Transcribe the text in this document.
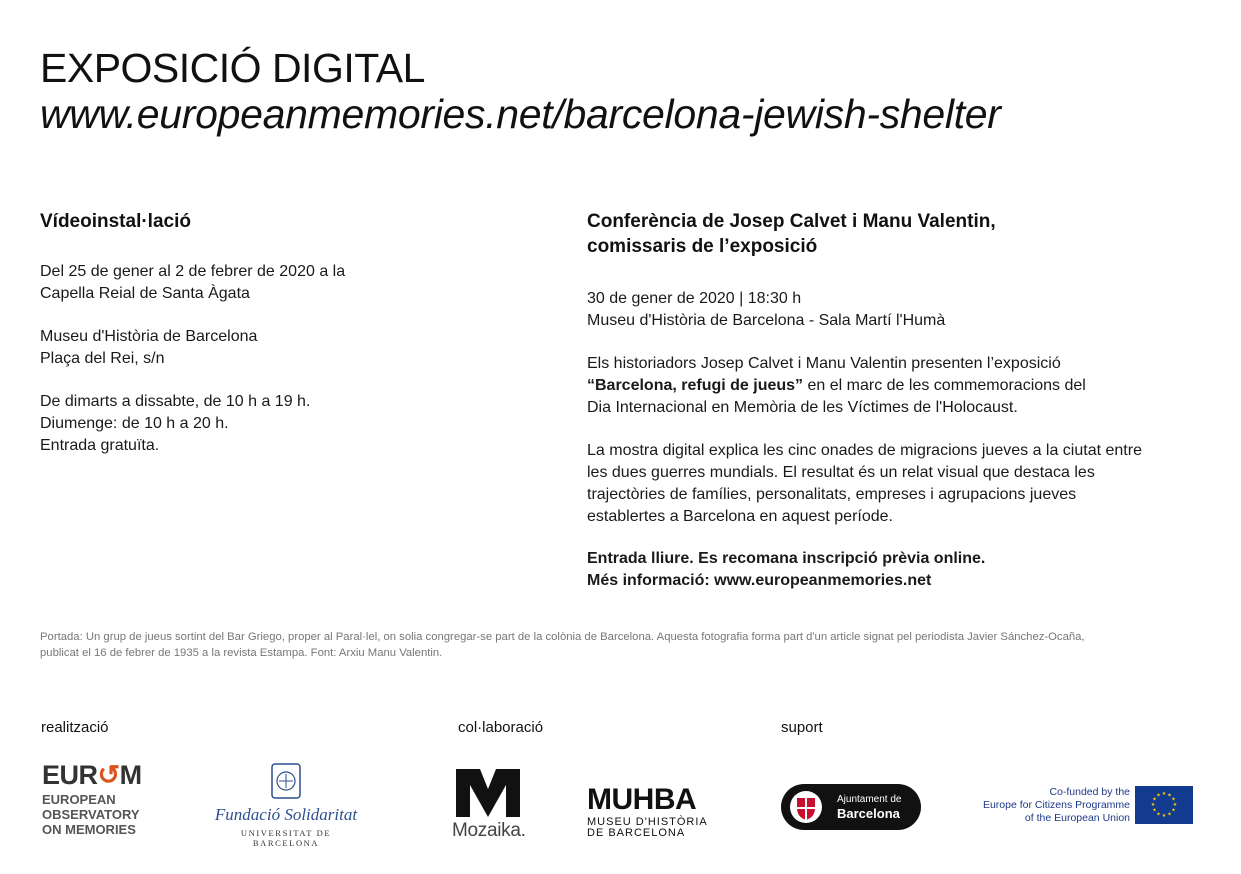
EXPOSICIÓ DIGITAL
www.europeanmemories.net/barcelona-jewish-shelter
Vídeoinstal·lació
Del 25 de gener al 2 de febrer de 2020 a la
Capella Reial de Santa Àgata
Museu d'Història de Barcelona
Plaça del Rei, s/n
De dimarts a dissabte, de 10 h a 19 h.
Diumenge: de 10 h a 20 h.
Entrada gratuïta.
Conferència de Josep Calvet i Manu Valentin,
comissaris de l’exposició
30 de gener de 2020 | 18:30 h
Museu d'Història de Barcelona - Sala Martí l'Humà
Els historiadors Josep Calvet i Manu Valentin presenten l’exposició
“Barcelona, refugi de jueus” en el marc de les commemoracions del
Dia Internacional en Memòria de les Víctimes de l'Holocaust.
La mostra digital explica les cinc onades de migracions jueves a la ciutat entre
les dues guerres mundials. El resultat és un relat visual que destaca les
trajectòries de famílies, personalitats, empreses i agrupacions jueves
establertes a Barcelona en aquest període.
Entrada lliure. Es recomana inscripció prèvia online.
Més informació: www.europeanmemories.net
Portada: Un grup de jueus sortint del Bar Griego, proper al Paral·lel, on solia congregar-se part de la colònia de Barcelona. Aquesta fotografia forma part d'un article signat pel periodista Javier Sánchez-Ocaña,
publicat el 16 de febrer de 1935 a la revista Estampa. Font: Arxiu Manu Valentin.
realització	col·laboració	suport
EUR↺M
EUROPEAN
OBSERVATORY
ON MEMORIES
Fundació Solidaritat
UNIVERSITAT DE BARCELONA
Mozaika.
MUHBA
MUSEU D'HISTÒRIA
DE BARCELONA
Ajuntament de
Barcelona
Co-funded by the
Europe for Citizens Programme
of the European Union
★ ★
★
★
★
★
★
★
★
★
★
★
